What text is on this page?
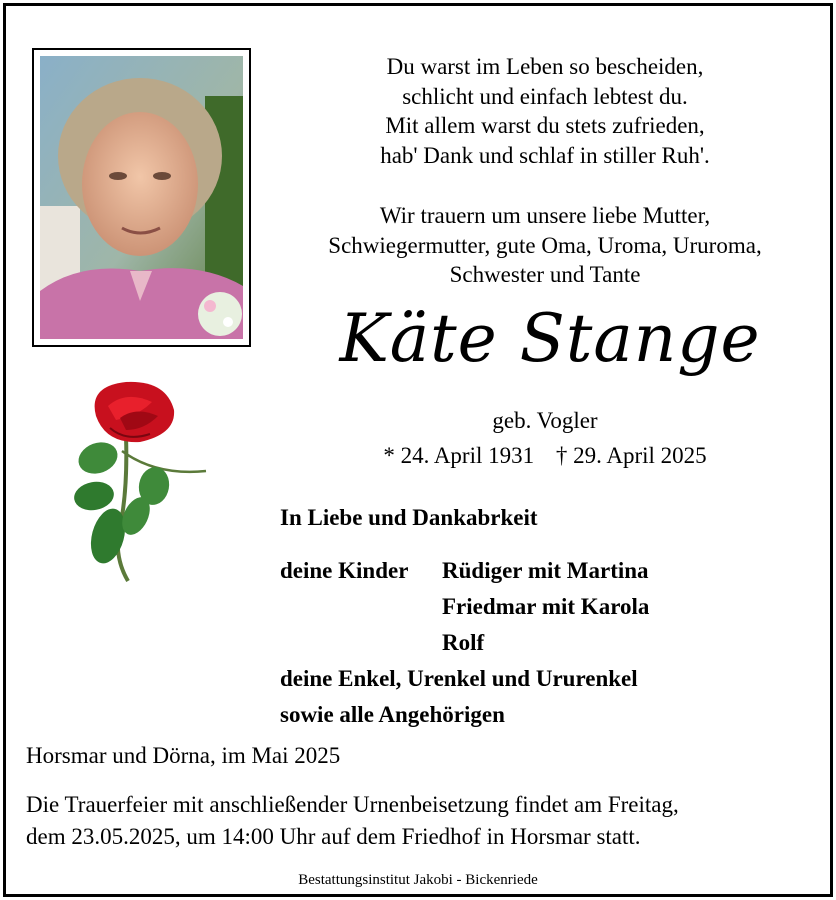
Du warst im Leben so bescheiden,
schlicht und einfach lebtest du.
Mit allem warst du stets zufrieden,
hab' Dank und schlaf in stiller Ruh'.
Wir trauern um unsere liebe Mutter,
Schwiegermutter, gute Oma, Uroma, Ururoma,
Schwester und Tante
Käte Stange
geb. Vogler
* 24. April 1931 † 29. April 2025
In Liebe und Dankabrkeit
deine Kinder Rüdiger mit Martina
Friedmar mit Karola
Rolf
deine Enkel, Urenkel und Ururenkel
sowie alle Angehörigen
Horsmar und Dörna, im Mai 2025
Die Trauerfeier mit anschließender Urnenbeisetzung findet am Freitag,
dem 23.05.2025, um 14:00 Uhr auf dem Friedhof in Horsmar statt.
Bestattungsinstitut Jakobi - Bickenriede
